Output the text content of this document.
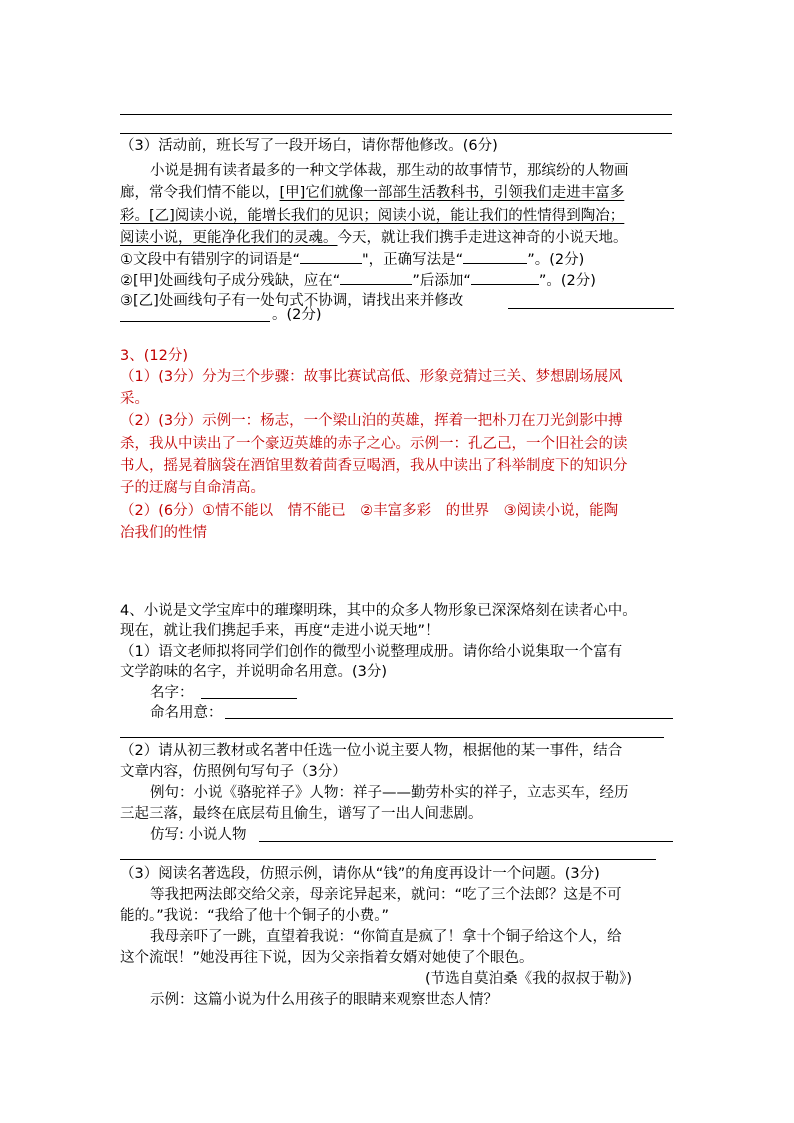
（3）活动前，班长写了一段开场白，请你帮他修改。(6分)
小说是拥有读者最多的一种文学体裁，那生动的故事情节，那缤纷的人物画
廊，常令我们情不能以，[甲]它们就像一部部生活教科书，引领我们走进丰富多
彩。[乙]阅读小说，能增长我们的见识；阅读小说，能让我们的性情得到陶冶；
阅读小说，更能净化我们的灵魂。今天，就让我们携手走进这神奇的小说天地。
①文段中有错别字的词语是“	"，正确写法是“	”。(2分)
②[甲]处画线句子成分残缺，应在“	”后添加“	”。(2分)
③[乙]处画线句子有一处句式不协调，请找出来并修改
。(2分)
3、(12分)
（1）(3分）分为三个步骤：故事比赛试高低、形象竞猜过三关、梦想剧场展风
采。
（2）(3分）示例一：杨志，一个梁山泊的英雄，挥着一把朴刀在刀光剑影中搏
杀，我从中读出了一个豪迈英雄的赤子之心。示例一：孔乙己，一个旧社会的读
书人，摇晃着脑袋在酒馆里数着茴香豆喝酒，我从中读出了科举制度下的知识分
子的迂腐与自命清高。
（2）(6分）①情不能以　情不能已　②丰富多彩　的世界　③阅读小说，能陶
冶我们的性情
4、小说是文学宝库中的璀璨明珠，其中的众多人物形象已深深烙刻在读者心中。
现在，就让我们携起手来，再度“走进小说天地”！
（1）语文老师拟将同学们创作的微型小说整理成册。请你给小说集取一个富有
文学韵味的名字，并说明命名用意。(3分)
名字：
命名用意：
（2）请从初三教材或名著中任选一位小说主要人物，根据他的某一事件，结合
文章内容，仿照例句写句子（3分）
例句：小说《骆驼祥子》人物：祥子——勤劳朴实的祥子，立志买车，经历
三起三落，最终在底层苟且偷生，谱写了一出人间悲剧。
仿写: 小说人物
（3）阅读名著选段，仿照示例，请你从“钱”的角度再设计一个问题。(3分)
等我把两法郎交给父亲，母亲诧异起来，就问：“吃了三个法郎？这是不可
能的。”我说：“我给了他十个铜子的小费。”
我母亲吓了一跳，直望着我说：“你简直是疯了！拿十个铜子给这个人，给
这个流氓！”她没再往下说，因为父亲指着女婿对她使了个眼色。
(节选自莫泊桑《我的叔叔于勒》)
示例：这篇小说为什么用孩子的眼睛来观察世态人情？
